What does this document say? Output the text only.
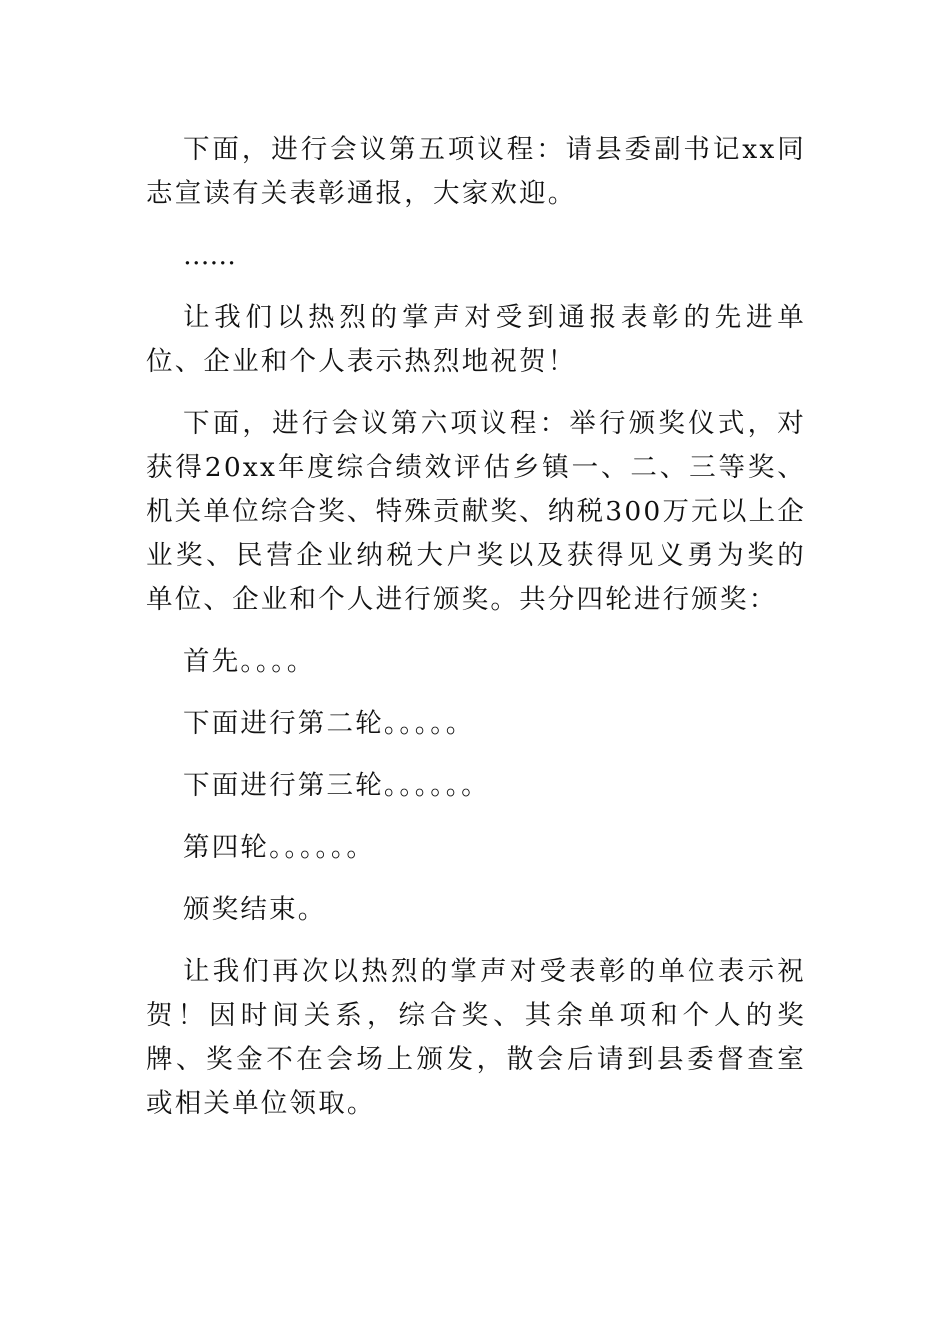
下面，进行会议第五项议程：请县委副书记xx同志宣读有关表彰通报，大家欢迎。

……

让我们以热烈的掌声对受到通报表彰的先进单位、企业和个人表示热烈地祝贺！

下面，进行会议第六项议程：举行颁奖仪式，对获得20xx年度综合绩效评估乡镇一、二、三等奖、机关单位综合奖、特殊贡献奖、纳税300万元以上企业奖、民营企业纳税大户奖以及获得见义勇为奖的单位、企业和个人进行颁奖。共分四轮进行颁奖：

首先。。。。

下面进行第二轮。。。。。

下面进行第三轮。。。。。。

第四轮。。。。。。

颁奖结束。

让我们再次以热烈的掌声对受表彰的单位表示祝贺！因时间关系，综合奖、其余单项和个人的奖牌、奖金不在会场上颁发，散会后请到县委督查室或相关单位领取。
